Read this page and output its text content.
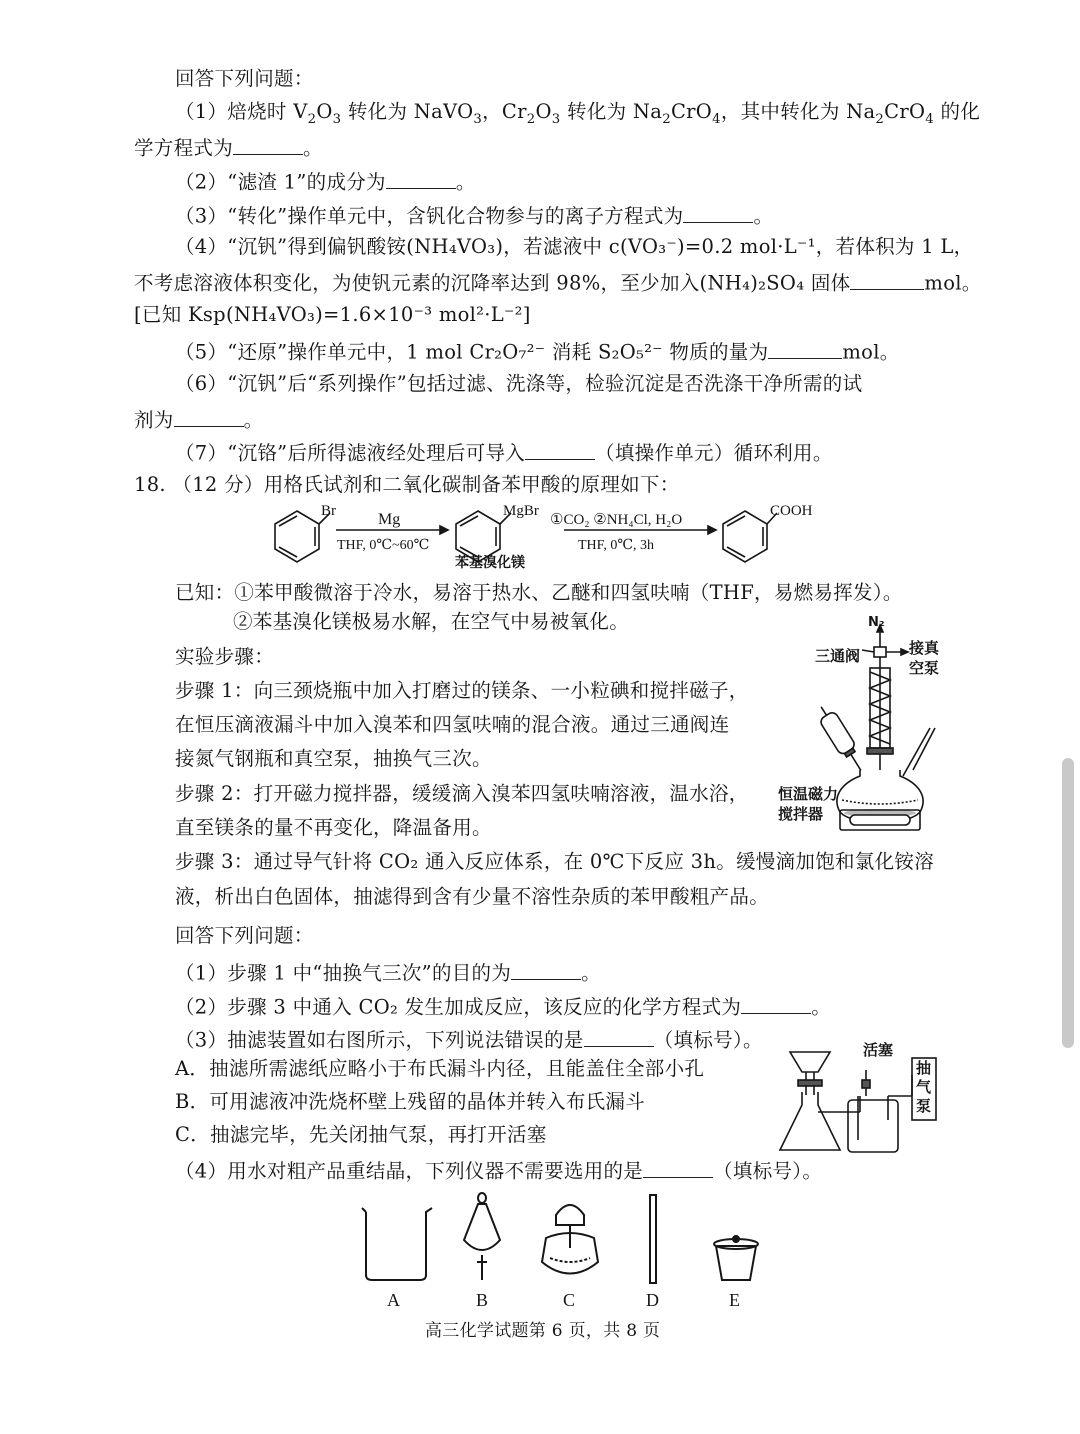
回答下列问题：
（1）焙烧时 $V_2O_3$ 转化为 NaVO$_3$，$Cr_2O_3$ 转化为 $Na_2CrO_4$，其中转化为 $Na_2CrO_4$ 的化
学方程式为	。
（2）“滤渣 1”的成分为	。
（3）“转化”操作单元中，含钒化合物参与的离子方程式为	。
（4）“沉钒”得到偏钒酸铵(NH₄VO₃)，若滤液中 c(VO₃⁻)=0.2 mol·L⁻¹，若体积为 1 L，
不考虑溶液体积变化，为使钒元素的沉降率达到 98%，至少加入(NH₄)₂SO₄ 固体	mol。
[已知 Ksp(NH₄VO₃)=1.6×10⁻³ mol²·L⁻²]
（5）“还原”操作单元中，1 mol Cr₂O₇²⁻ 消耗 S₂O₅²⁻ 物质的量为	mol。
（6）“沉钒”后“系列操作”包括过滤、洗涤等，检验沉淀是否洗涤干净所需的试
剂为	。
（7）“沉铬”后所得滤液经处理后可导入	（填操作单元）循环利用。
18. （12 分）用格氏试剂和二氧化碳制备苯甲酸的原理如下：
Br	Mg
THF, 0℃~60℃
MgBr
①CO₂ ②NH₄Cl, H₂O
THF, 0℃, 3h
COOH
苯基溴化镁
已知：①苯甲酸微溶于冷水，易溶于热水、乙醚和四氢呋喃（THF，易燃易挥发）。
②苯基溴化镁极易水解，在空气中易被氧化。
实验步骤：
步骤 1：向三颈烧瓶中加入打磨过的镁条、一小粒碘和搅拌磁子，
在恒压滴液漏斗中加入溴苯和四氢呋喃的混合液。通过三通阀连
接氮气钢瓶和真空泵，抽换气三次。
步骤 2：打开磁力搅拌器，缓缓滴入溴苯四氢呋喃溶液，温水浴，
直至镁条的量不再变化，降温备用。
步骤 3：通过导气针将 CO₂ 通入反应体系，在 0℃下反应 3h。缓慢滴加饱和氯化铵溶
液，析出白色固体，抽滤得到含有少量不溶性杂质的苯甲酸粗产品。
N₂
三通阀	接真
空泵
恒温磁力
搅拌器
回答下列问题：
（1）步骤 1 中“抽换气三次”的目的为	。
（2）步骤 3 中通入 CO₂ 发生加成反应，该反应的化学方程式为	。
（3）抽滤装置如右图所示，下列说法错误的是	（填标号）。
A．抽滤所需滤纸应略小于布氏漏斗内径，且能盖住全部小孔
B．可用滤液冲洗烧杯壁上残留的晶体并转入布氏漏斗
C．抽滤完毕，先关闭抽气泵，再打开活塞
（4）用水对粗产品重结晶，下列仪器不需要选用的是	（填标号）。
活塞
抽
气
泵
A	B	C	D	E
高三化学试题第 6 页，共 8 页
